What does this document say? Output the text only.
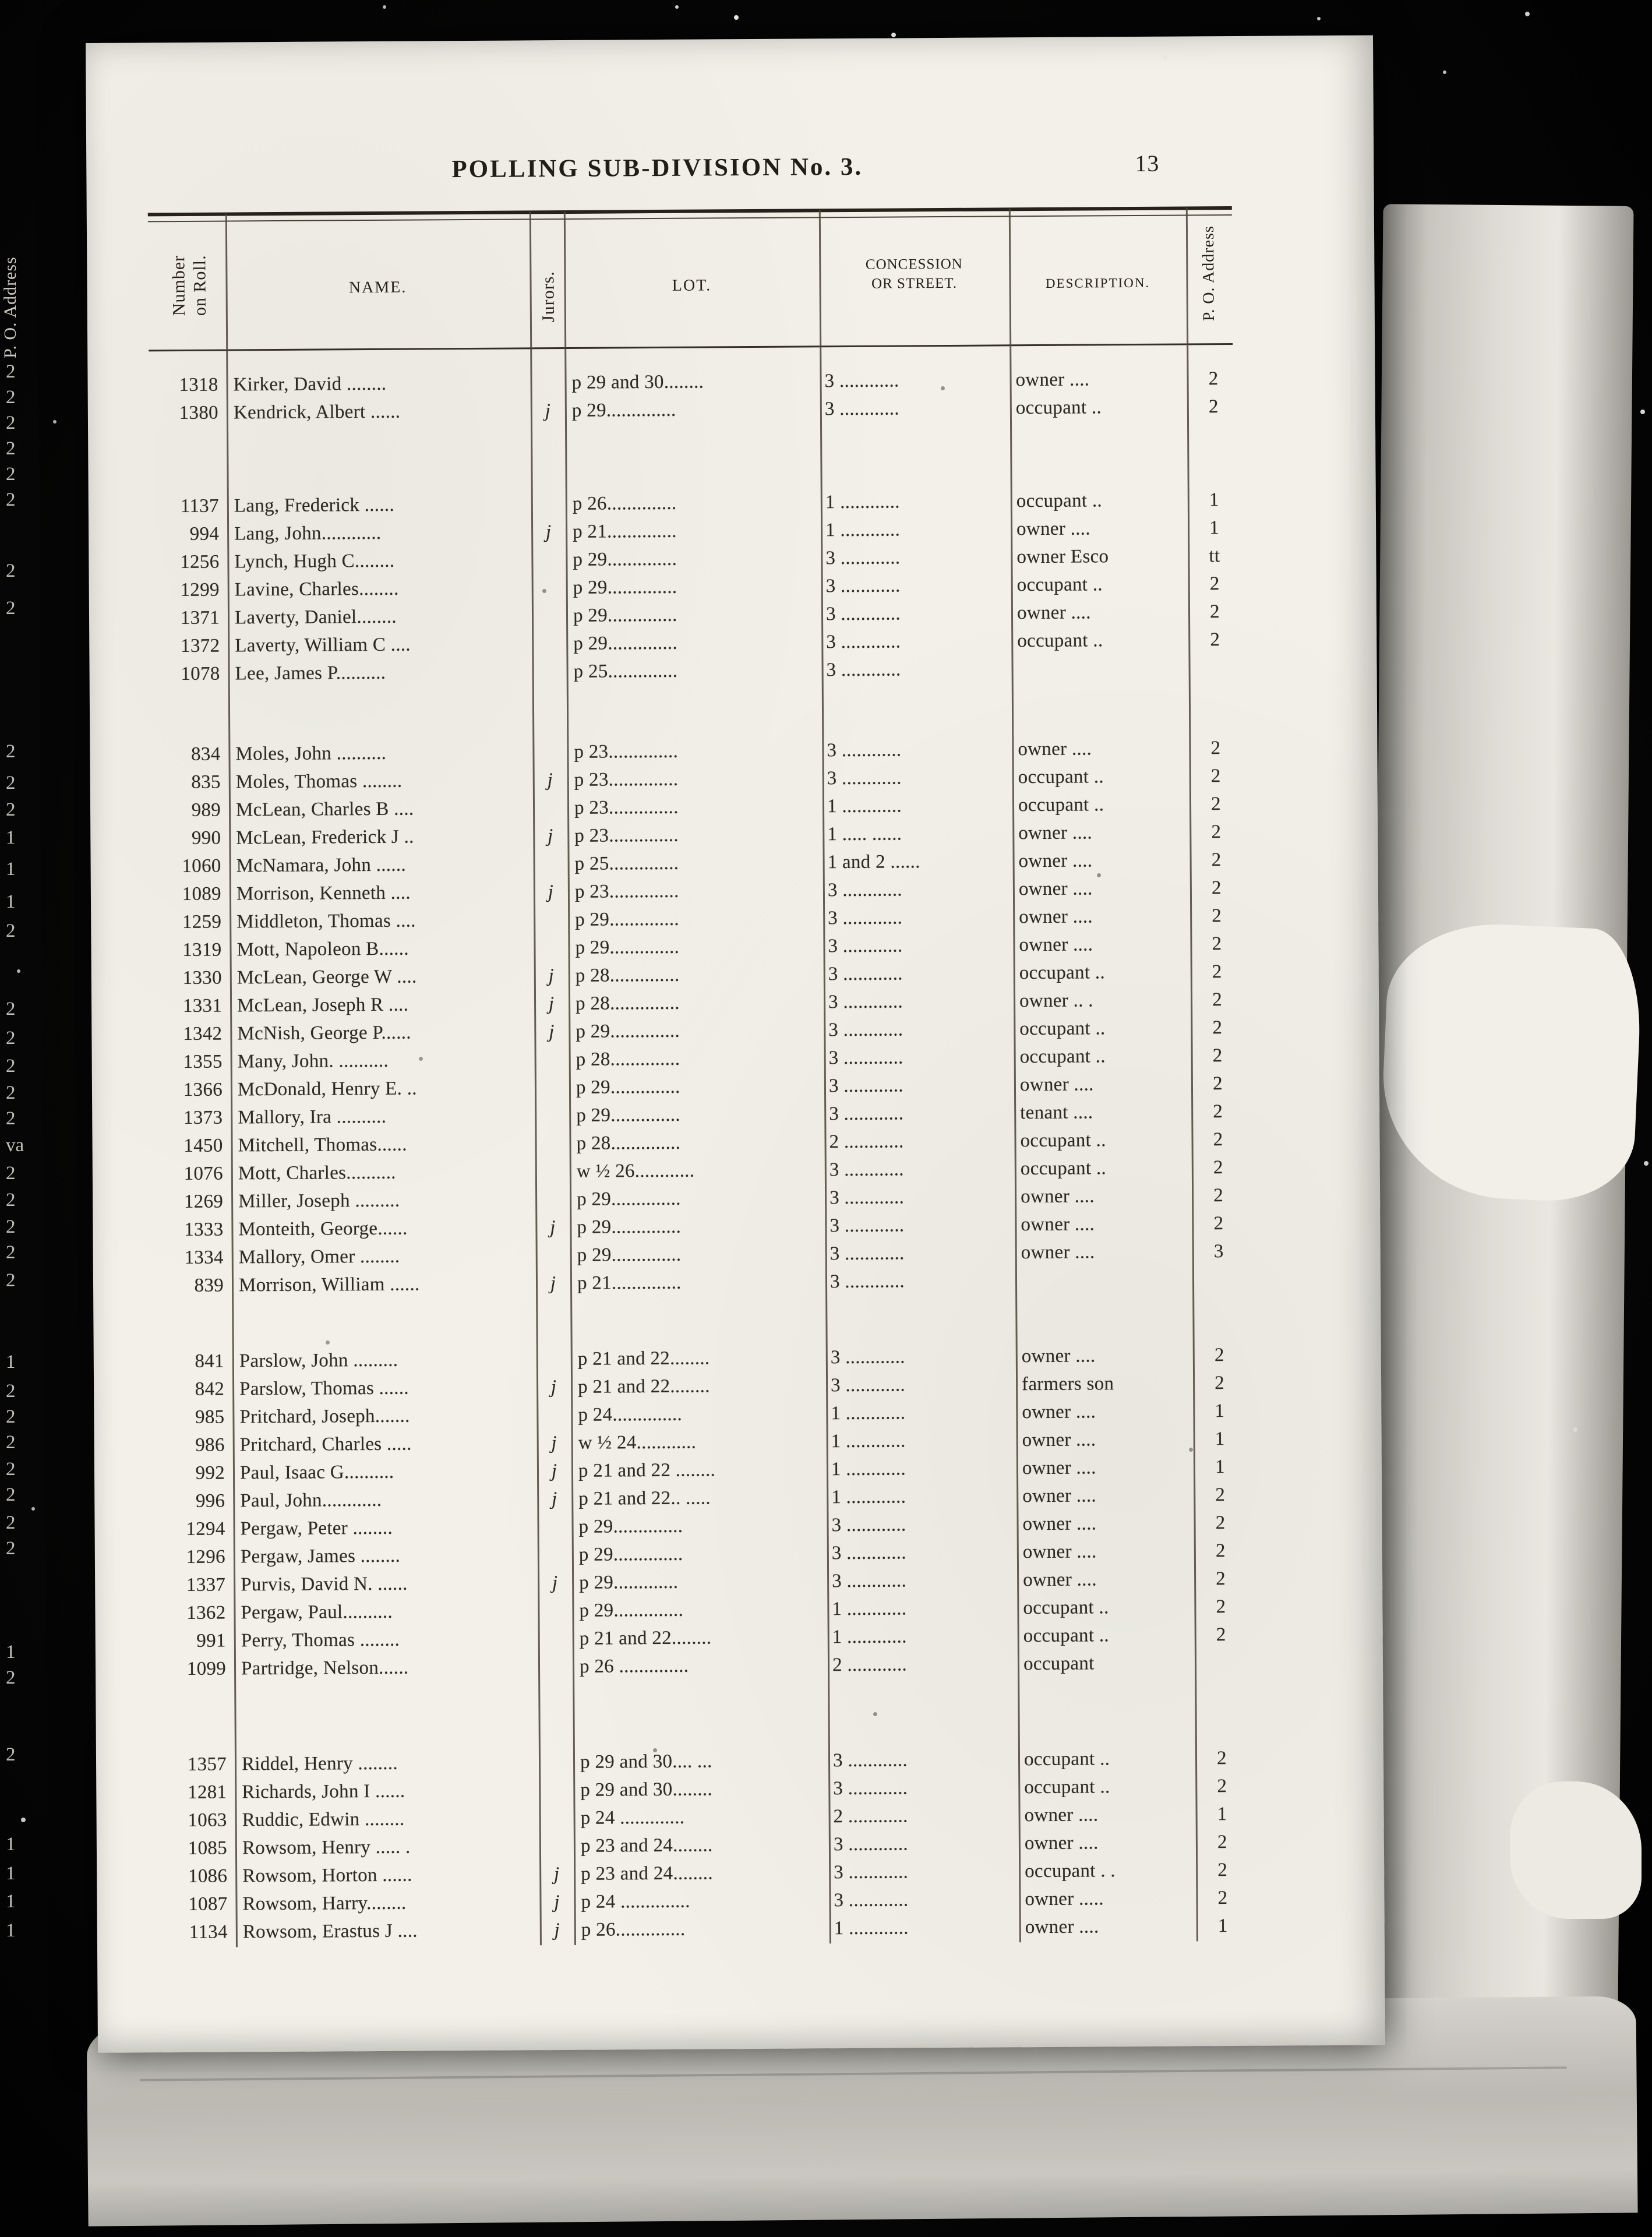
P. O. Address
2
2
2
2
2
2
2
2
2
2
2
1
1
1
2
2
2
2
2
2
va
2
2
2
2
2
1
2
2
2
2
2
2
2
1
2
2
1
1
1
1
POLLING SUB-DIVISION No. 3.	13
Number
on Roll.	NAME.	Jurors.	LOT.
CONCESSION
OR STREET.	DESCRIPTION.	P. O. Address
1318 Kirker, David ........	p 29 and 30........	3 ............	owner ....	2
1380 Kendrick, Albert ......	j	p 29..............	3 ............	occupant ..	2
1137 Lang, Frederick ......	p 26..............	1 ............	occupant ..	1
994 Lang, John............	j	p 21..............	1 ............	owner ....	1
1256 Lynch, Hugh C........	p 29..............	3 ............	owner Esco	tt
1299 Lavine, Charles........	p 29..............	3 ............	occupant ..	2
1371 Laverty, Daniel........	p 29..............	3 ............	owner ....	2
1372 Laverty, William C ....	p 29..............	3 ............	occupant ..	2
1078 Lee, James P..........	p 25..............	3 ............
834 Moles, John ..........	p 23..............	3 ............	owner ....	2
835 Moles, Thomas ........	j	p 23..............	3 ............	occupant ..	2
989 McLean, Charles B ....	p 23..............	1 ............	occupant ..	2
990 McLean, Frederick J ..	j	p 23..............	1 ..... ......	owner ....	2
1060 McNamara, John ......	p 25..............	1 and 2 ......	owner ....	2
1089 Morrison, Kenneth ....	j	p 23..............	3 ............	owner ....	2
1259 Middleton, Thomas ....	p 29..............	3 ............	owner ....	2
1319 Mott, Napoleon B......	p 29..............	3 ............	owner ....	2
1330 McLean, George W ....	j	p 28..............	3 ............	occupant ..	2
1331 McLean, Joseph R ....	j	p 28..............	3 ............	owner .. .	2
1342 McNish, George P......	j	p 29..............	3 ............	occupant ..	2
1355 Many, John. ..........	p 28..............	3 ............	occupant ..	2
1366 McDonald, Henry E. ..	p 29..............	3 ............	owner ....	2
1373 Mallory, Ira ..........	p 29..............	3 ............	tenant ....	2
1450 Mitchell, Thomas......	p 28..............	2 ............	occupant ..	2
1076 Mott, Charles..........	w ½ 26............	3 ............	occupant ..	2
1269 Miller, Joseph .........	p 29..............	3 ............	owner ....	2
1333 Monteith, George......	j	p 29..............	3 ............	owner ....	2
1334 Mallory, Omer ........	p 29..............	3 ............	owner ....	3
839 Morrison, William ......	j	p 21..............	3 ............
841 Parslow, John .........	p 21 and 22........	3 ............	owner ....	2
842 Parslow, Thomas ......	j	p 21 and 22........	3 ............	farmers son	2
985 Pritchard, Joseph.......	p 24..............	1 ............	owner ....	1
986 Pritchard, Charles .....	j	w ½ 24............	1 ............	owner ....	1
992 Paul, Isaac G..........	j	p 21 and 22 ........	1 ............	owner ....	1
996 Paul, John............	j	p 21 and 22.. .....	1 ............	owner ....	2
1294 Pergaw, Peter ........	p 29..............	3 ............	owner ....	2
1296 Pergaw, James ........	p 29..............	3 ............	owner ....	2
1337 Purvis, David N. ......	j	p 29.............	3 ............	owner ....	2
1362 Pergaw, Paul..........	p 29..............	1 ............	occupant ..	2
991 Perry, Thomas ........	p 21 and 22........	1 ............	occupant ..	2
1099 Partridge, Nelson......	p 26 ..............	2 ............	occupant
1357 Riddel, Henry ........	p 29 and 30.... ...	3 ............	occupant ..	2
1281 Richards, John I ......	p 29 and 30........	3 ............	occupant ..	2
1063 Ruddic, Edwin ........	p 24 .............	2 ............	owner ....	1
1085 Rowsom, Henry ..... .	p 23 and 24........	3 ............	owner ....	2
1086 Rowsom, Horton ......	j	p 23 and 24........	3 ............	occupant . .	2
1087 Rowsom, Harry........	j	p 24 ..............	3 ............	owner .....	2
1134 Rowsom, Erastus J ....	j	p 26..............	1 ............	owner ....	1
